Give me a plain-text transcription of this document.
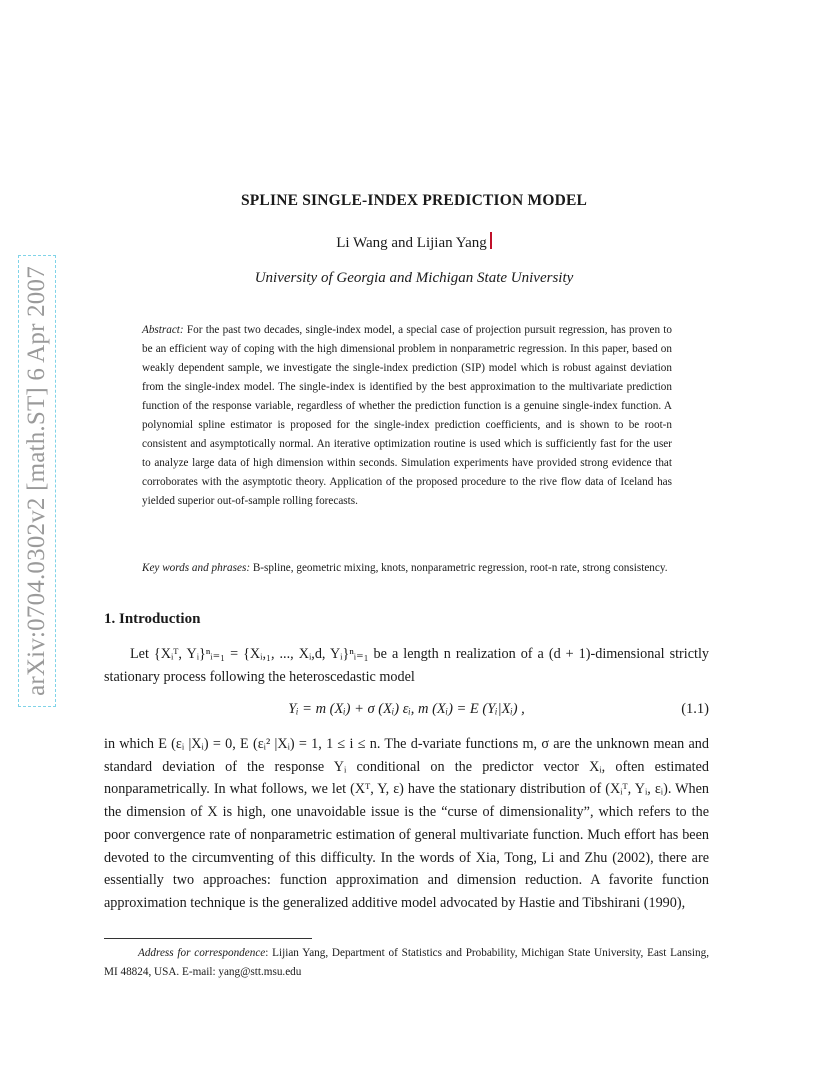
arXiv:0704.0302v2 [math.ST] 6 Apr 2007
SPLINE SINGLE-INDEX PREDICTION MODEL
Li Wang and Lijian Yang
University of Georgia and Michigan State University
Abstract: For the past two decades, single-index model, a special case of projection pursuit regression, has proven to be an efficient way of coping with the high dimensional problem in nonparametric regression. In this paper, based on weakly dependent sample, we investigate the single-index prediction (SIP) model which is robust against deviation from the single-index model. The single-index is identified by the best approximation to the multivariate prediction function of the response variable, regardless of whether the prediction function is a genuine single-index function. A polynomial spline estimator is proposed for the single-index prediction coefficients, and is shown to be root-n consistent and asymptotically normal. An iterative optimization routine is used which is sufficiently fast for the user to analyze large data of high dimension within seconds. Simulation experiments have provided strong evidence that corroborates with the asymptotic theory. Application of the proposed procedure to the rive flow data of Iceland has yielded superior out-of-sample rolling forecasts.
Key words and phrases: B-spline, geometric mixing, knots, nonparametric regression, root-n rate, strong consistency.
1. Introduction
Let {Xᵢᵀ, Yᵢ}ⁿᵢ₌₁ = {Xᵢ,₁, ..., Xᵢ,d, Yᵢ}ⁿᵢ₌₁ be a length n realization of a (d + 1)-dimensional strictly stationary process following the heteroscedastic model
Yᵢ = m (Xᵢ) + σ (Xᵢ) εᵢ, m (Xᵢ) = E (Yᵢ|Xᵢ) ,	(1.1)
in which E (εᵢ |Xᵢ) = 0, E (εᵢ² |Xᵢ) = 1, 1 ≤ i ≤ n. The d-variate functions m, σ are the unknown mean and standard deviation of the response Yᵢ conditional on the predictor vector Xᵢ, often estimated nonparametrically. In what follows, we let (Xᵀ, Y, ε) have the stationary distribution of (Xᵢᵀ, Yᵢ, εᵢ). When the dimension of X is high, one unavoidable issue is the “curse of dimensionality”, which refers to the poor convergence rate of nonparametric estimation of general multivariate function. Much effort has been devoted to the circumventing of this difficulty. In the words of Xia, Tong, Li and Zhu (2002), there are essentially two approaches: function approximation and dimension reduction. A favorite function approximation technique is the generalized additive model advocated by Hastie and Tibshirani (1990),
Address for correspondence: Lijian Yang, Department of Statistics and Probability, Michigan State University, East Lansing, MI 48824, USA. E-mail: yang@stt.msu.edu
